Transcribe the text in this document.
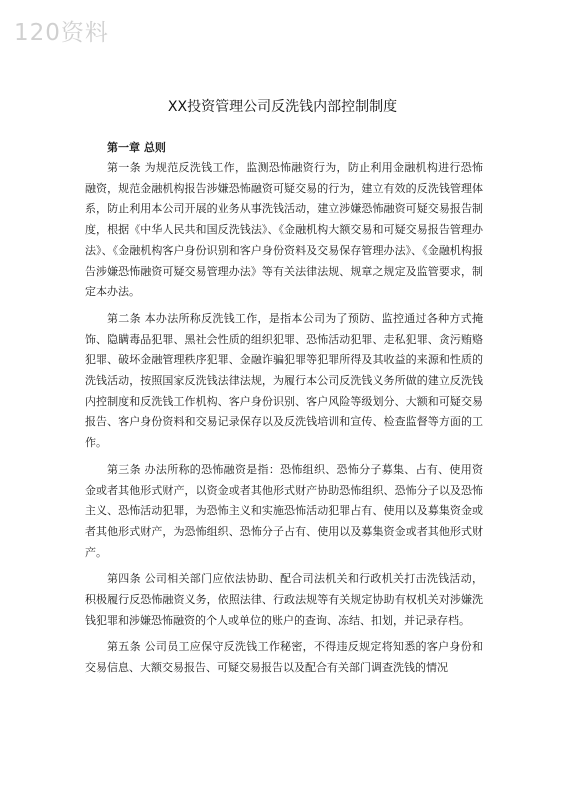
120资料
XX投资管理公司反洗钱内部控制制度

第一章 总则

第一条 为规范反洗钱工作，监测恐怖融资行为，防止利用金融机构进行恐怖融资，规范金融机构报告涉嫌恐怖融资可疑交易的行为，建立有效的反洗钱管理体系，防止利用本公司开展的业务从事洗钱活动，建立涉嫌恐怖融资可疑交易报告制度，根据《中华人民共和国反洗钱法》、《金融机构大额交易和可疑交易报告管理办法》、《金融机构客户身份识别和客户身份资料及交易保存管理办法》、《金融机构报告涉嫌恐怖融资可疑交易管理办法》等有关法律法规、规章之规定及监管要求，制定本办法。

第二条 本办法所称反洗钱工作，是指本公司为了预防、监控通过各种方式掩饰、隐瞒毒品犯罪、黑社会性质的组织犯罪、恐怖活动犯罪、走私犯罪、贪污贿赂犯罪、破坏金融管理秩序犯罪、金融诈骗犯罪等犯罪所得及其收益的来源和性质的洗钱活动，按照国家反洗钱法律法规，为履行本公司反洗钱义务所做的建立反洗钱内控制度和反洗钱工作机构、客户身份识别、客户风险等级划分、大额和可疑交易报告、客户身份资料和交易记录保存以及反洗钱培训和宣传、检查监督等方面的工作。

第三条 办法所称的恐怖融资是指：恐怖组织、恐怖分子募集、占有、使用资金或者其他形式财产，以资金或者其他形式财产协助恐怖组织、恐怖分子以及恐怖主义、恐怖活动犯罪，为恐怖主义和实施恐怖活动犯罪占有、使用以及募集资金或者其他形式财产，为恐怖组织、恐怖分子占有、使用以及募集资金或者其他形式财产。

第四条 公司相关部门应依法协助、配合司法机关和行政机关打击洗钱活动，积极履行反恐怖融资义务，依照法律、行政法规等有关规定协助有权机关对涉嫌洗钱犯罪和涉嫌恐怖融资的个人或单位的账户的查询、冻结、扣划，并记录存档。

第五条 公司员工应保守反洗钱工作秘密，不得违反规定将知悉的客户身份和交易信息、大额交易报告、可疑交易报告以及配合有关部门调查洗钱的情况
